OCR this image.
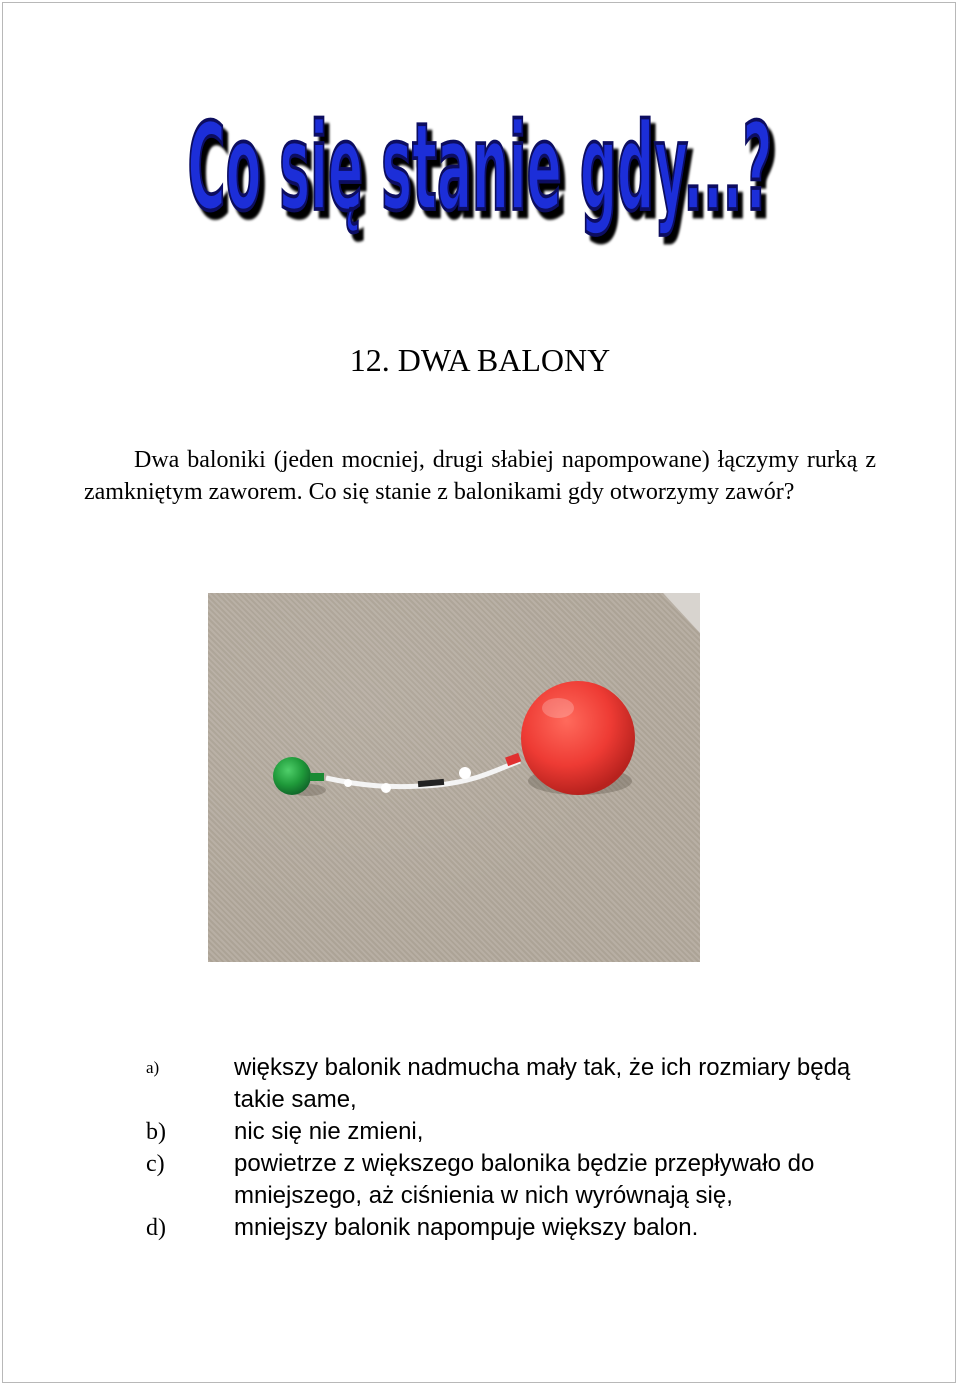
Co się stanie gdy...?
12. DWA BALONY

Dwa baloniki (jeden mocniej, drugi słabiej napompowane) łączymy rurką z zamkniętym zaworem. Co się stanie z balonikami gdy otworzymy zawór?

a)	większy balonik nadmucha mały tak, że ich rozmiary będą takie same,
b)	nic się nie zmieni,
c)	powietrze z większego balonika będzie przepływało do mniejszego, aż ciśnienia w nich wyrównają się,
d)	mniejszy balonik napompuje większy balon.
